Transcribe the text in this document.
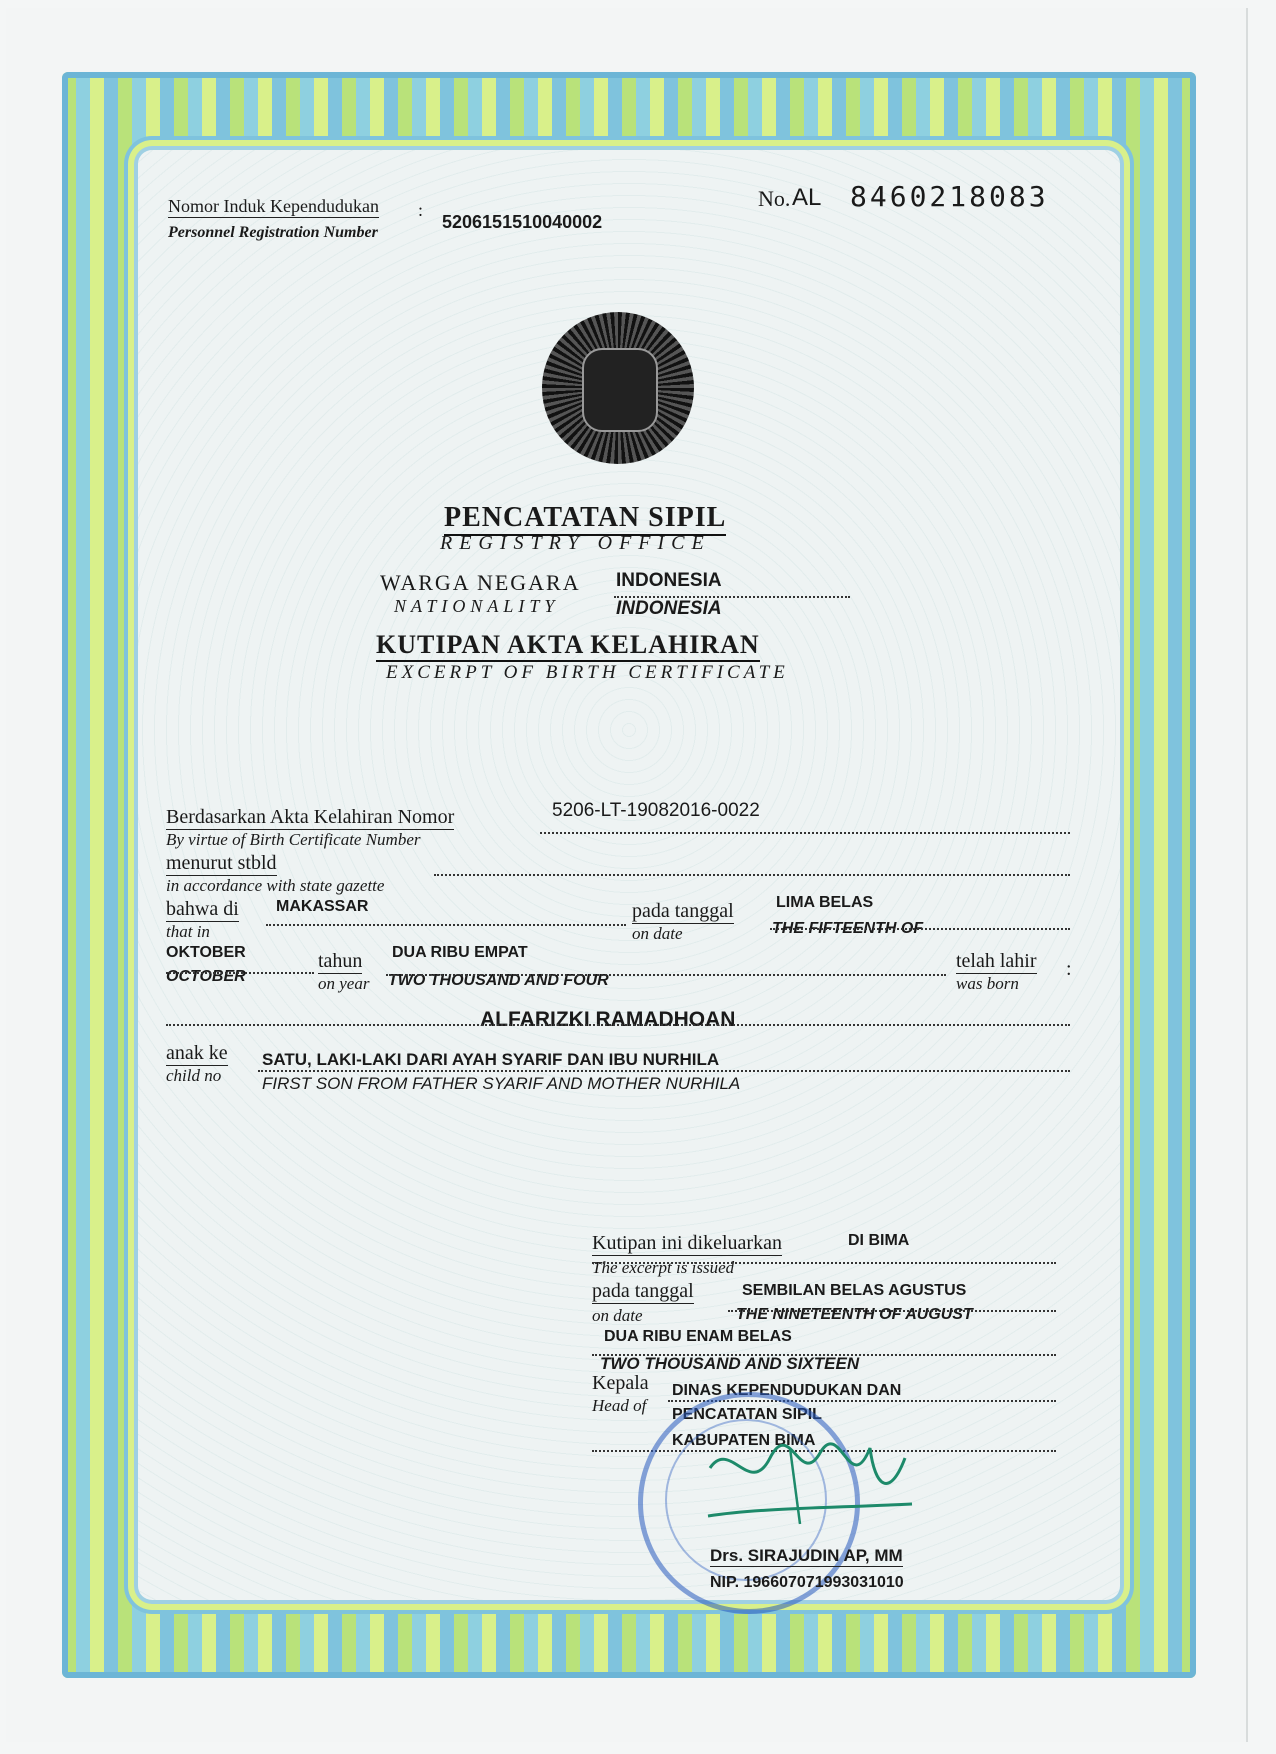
Nomor Induk Kependudukan :
Personnel Registration Number
5206151510040002
No. AL 8460218083
PENCATATAN SIPIL
REGISTRY OFFICE
WARGA NEGARA
NATIONALITY
INDONESIA
INDONESIA
KUTIPAN AKTA KELAHIRAN
EXCERPT OF BIRTH CERTIFICATE
Berdasarkan Akta Kelahiran Nomor
By virtue of Birth Certificate Number
5206-LT-19082016-0022
menurut stbld
in accordance with state gazette
bahwa di
that in
MAKASSAR	pada tanggal
on date
LIMA BELAS
THE FIFTEENTH OF
OKTOBER
OCTOBER
tahun
on year
DUA RIBU EMPAT
TWO THOUSAND AND FOUR
telah lahir
was born
:
ALFARIZKI RAMADHOAN
anak ke
child no
SATU, LAKI-LAKI DARI AYAH SYARIF DAN IBU NURHILA
FIRST SON FROM FATHER SYARIF AND MOTHER NURHILA
Kutipan ini dikeluarkan
The excerpt is issued
DI BIMA
pada tanggal
on date
SEMBILAN BELAS AGUSTUS
THE NINETEENTH OF AUGUST
DUA RIBU ENAM BELAS
TWO THOUSAND AND SIXTEEN
Kepala
Head of
DINAS KEPENDUDUKAN DAN
PENCATATAN SIPIL
KABUPATEN BIMA
Drs. SIRAJUDIN AP, MM
NIP. 196607071993031010
